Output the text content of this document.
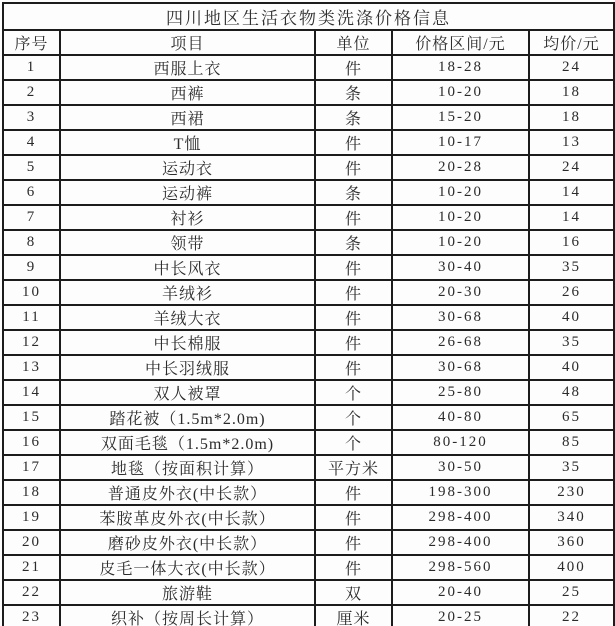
四川地区生活衣物类洗涤价格信息				
序号	项目	单位	价格区间/元	均价/元
1	西服上衣	件	18-28	24
2	西裤	条	10-20	18
3	西裙	条	15-20	18
4	T恤	件	10-17	13
5	运动衣	件	20-28	24
6	运动裤	条	10-20	14
7	衬衫	件	10-20	14
8	领带	条	10-20	16
9	中长风衣	件	30-40	35
10	羊绒衫	件	20-30	26
11	羊绒大衣	件	30-68	40
12	中长棉服	件	26-68	35
13	中长羽绒服	件	30-68	40
14	双人被罩	个	25-80	48
15	踏花被（1.5m*2.0m)	个	40-80	65
16	双面毛毯（1.5m*2.0m)	个	80-120	85
17	地毯（按面积计算）	平方米	30-50	35
18	普通皮外衣(中长款）	件	198-300	230
19	苯胺革皮外衣(中长款）	件	298-400	340
20	磨砂皮外衣(中长款）	件	298-400	360
21	皮毛一体大衣(中长款）	件	298-560	400
22	旅游鞋	双	20-40	25
23	织补（按周长计算）	厘米	20-25	22
